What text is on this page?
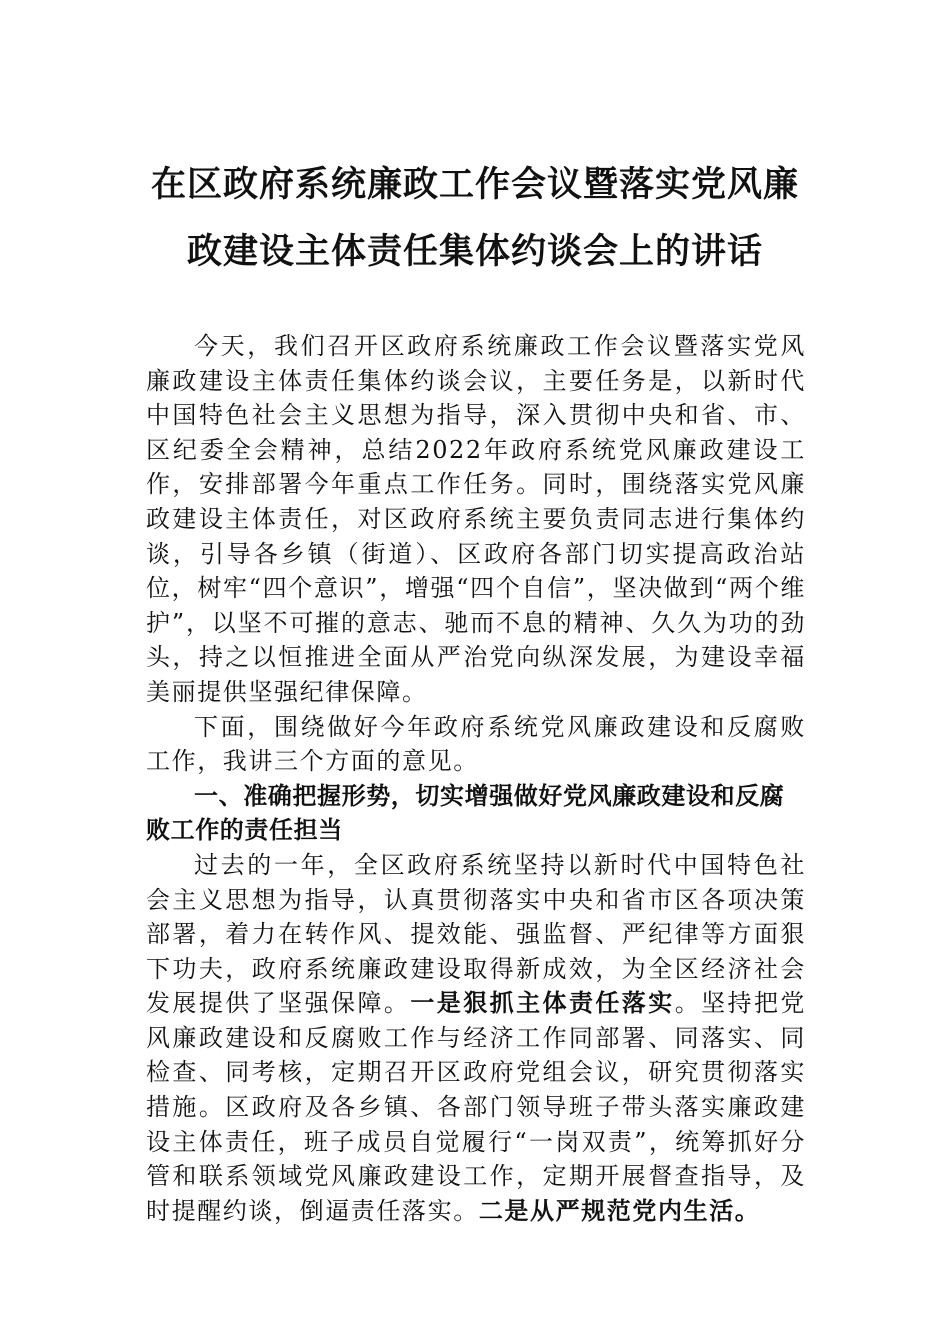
在区政府系统廉政工作会议暨落实党风廉
政建设主体责任集体约谈会上的讲话

今天，我们召开区政府系统廉政工作会议暨落实党风廉政建设主体责任集体约谈会议，主要任务是，以新时代中国特色社会主义思想为指导，深入贯彻中央和省、市、区纪委全会精神，总结2022年政府系统党风廉政建设工作，安排部署今年重点工作任务。同时，围绕落实党风廉政建设主体责任，对区政府系统主要负责同志进行集体约谈，引导各乡镇（街道）、区政府各部门切实提高政治站位，树牢“四个意识”，增强“四个自信”，坚决做到“两个维护”，以坚不可摧的意志、驰而不息的精神、久久为功的劲头，持之以恒推进全面从严治党向纵深发展，为建设幸福美丽提供坚强纪律保障。

下面，围绕做好今年政府系统党风廉政建设和反腐败工作，我讲三个方面的意见。

一、准确把握形势，切实增强做好党风廉政建设和反腐败工作的责任担当

过去的一年，全区政府系统坚持以新时代中国特色社会主义思想为指导，认真贯彻落实中央和省市区各项决策部署，着力在转作风、提效能、强监督、严纪律等方面狠下功夫，政府系统廉政建设取得新成效，为全区经济社会发展提供了坚强保障。一是狠抓主体责任落实。坚持把党风廉政建设和反腐败工作与经济工作同部署、同落实、同检查、同考核，定期召开区政府党组会议，研究贯彻落实措施。区政府及各乡镇、各部门领导班子带头落实廉政建设主体责任，班子成员自觉履行“一岗双责”，统筹抓好分管和联系领域党风廉政建设工作，定期开展督查指导，及时提醒约谈，倒逼责任落实。二是从严规范党内生活。
